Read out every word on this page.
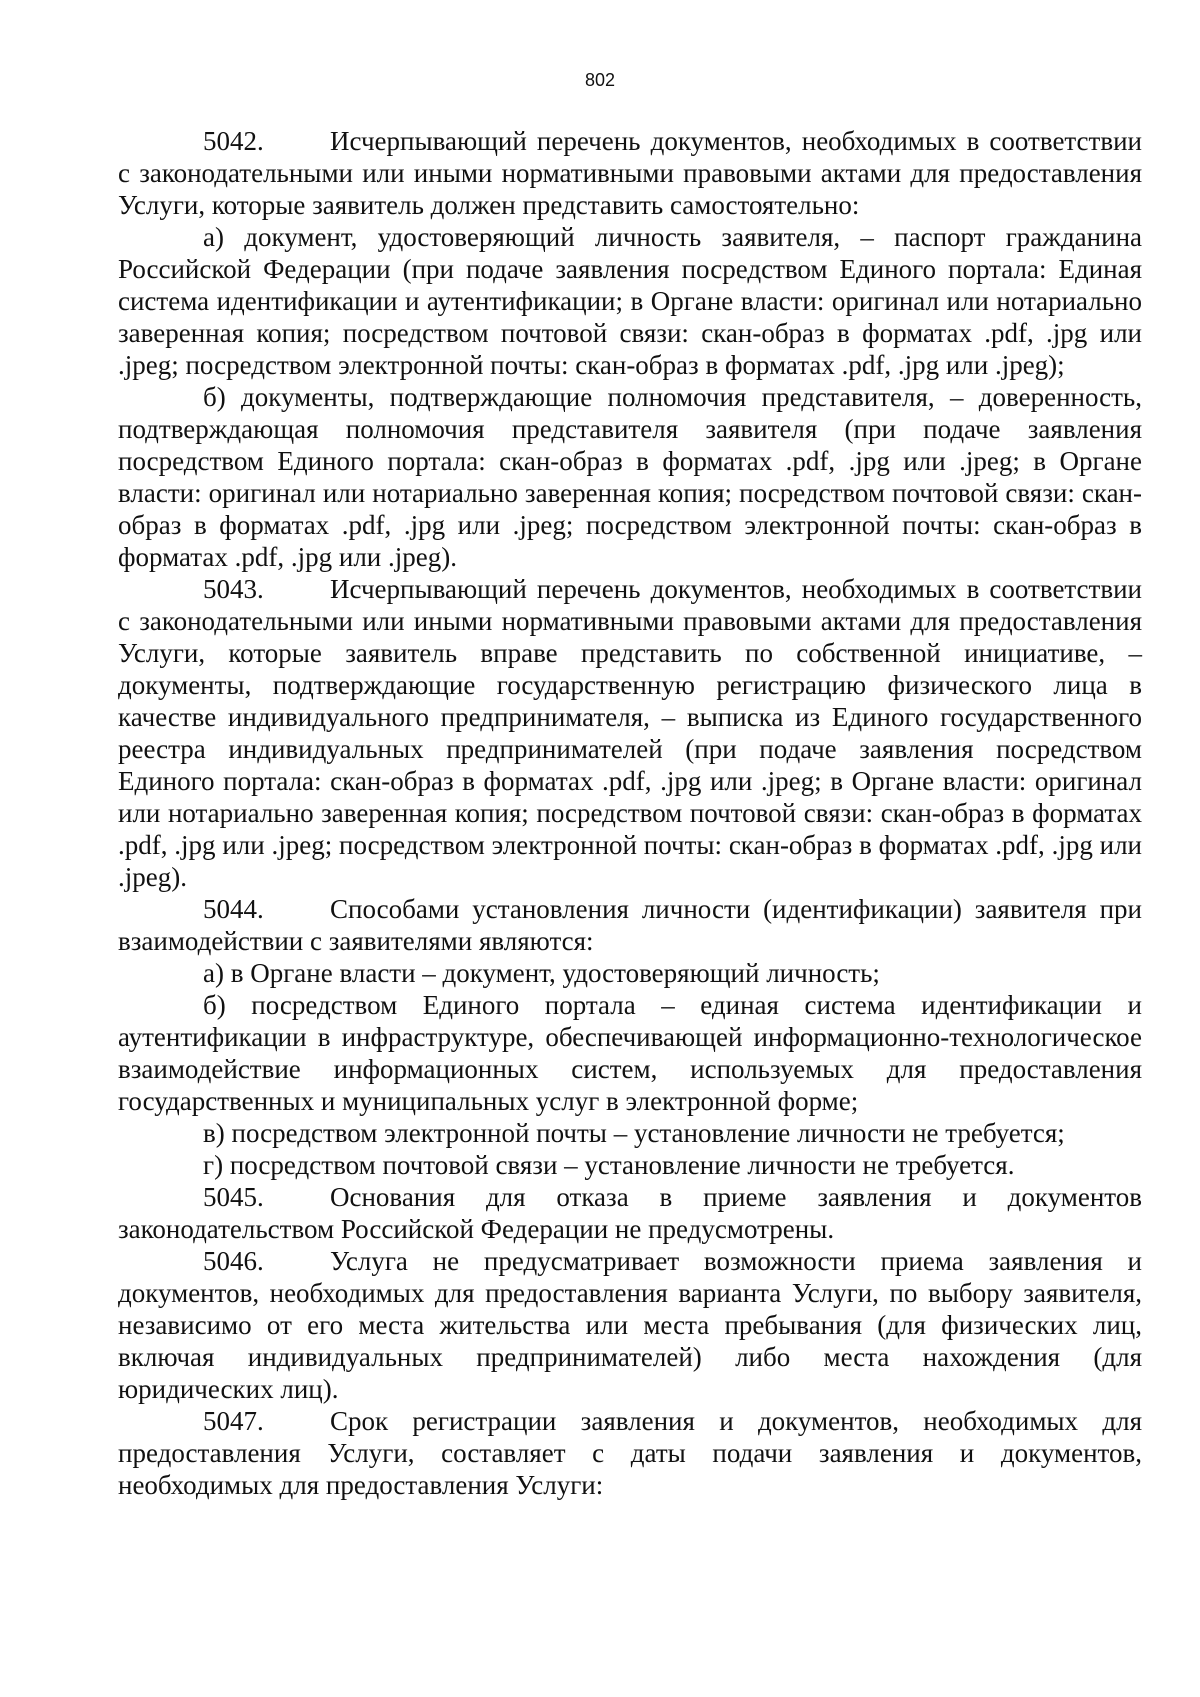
802

5042. Исчерпывающий перечень документов, необходимых в соответствии с законодательными или иными нормативными правовыми актами для предоставления Услуги, которые заявитель должен представить самостоятельно:

а) документ, удостоверяющий личность заявителя, – паспорт гражданина Российской Федерации (при подаче заявления посредством Единого портала: Единая система идентификации и аутентификации; в Органе власти: оригинал или нотариально заверенная копия; посредством почтовой связи: скан-образ в форматах .pdf, .jpg или .jpeg; посредством электронной почты: скан-образ в форматах .pdf, .jpg или .jpeg);

б) документы, подтверждающие полномочия представителя, – доверенность, подтверждающая полномочия представителя заявителя (при подаче заявления посредством Единого портала: скан-образ в форматах .pdf, .jpg или .jpeg; в Органе власти: оригинал или нотариально заверенная копия; посредством почтовой связи: скан-образ в форматах .pdf, .jpg или .jpeg; посредством электронной почты: скан-образ в форматах .pdf, .jpg или .jpeg).

5043. Исчерпывающий перечень документов, необходимых в соответствии с законодательными или иными нормативными правовыми актами для предоставления Услуги, которые заявитель вправе представить по собственной инициативе, – документы, подтверждающие государственную регистрацию физического лица в качестве индивидуального предпринимателя, – выписка из Единого государственного реестра индивидуальных предпринимателей (при подаче заявления посредством Единого портала: скан-образ в форматах .pdf, .jpg или .jpeg; в Органе власти: оригинал или нотариально заверенная копия; посредством почтовой связи: скан-образ в форматах .pdf, .jpg или .jpeg; посредством электронной почты: скан-образ в форматах .pdf, .jpg или .jpeg).

5044. Способами установления личности (идентификации) заявителя при взаимодействии с заявителями являются:

а) в Органе власти – документ, удостоверяющий личность;

б) посредством Единого портала – единая система идентификации и аутентификации в инфраструктуре, обеспечивающей информационно-технологическое взаимодействие информационных систем, используемых для предоставления государственных и муниципальных услуг в электронной форме;

в) посредством электронной почты – установление личности не требуется;

г) посредством почтовой связи – установление личности не требуется.

5045. Основания для отказа в приеме заявления и документов законодательством Российской Федерации не предусмотрены.

5046. Услуга не предусматривает возможности приема заявления и документов, необходимых для предоставления варианта Услуги, по выбору заявителя, независимо от его места жительства или места пребывания (для физических лиц, включая индивидуальных предпринимателей) либо места нахождения (для юридических лиц).

5047. Срок регистрации заявления и документов, необходимых для предоставления Услуги, составляет с даты подачи заявления и документов, необходимых для предоставления Услуги:
